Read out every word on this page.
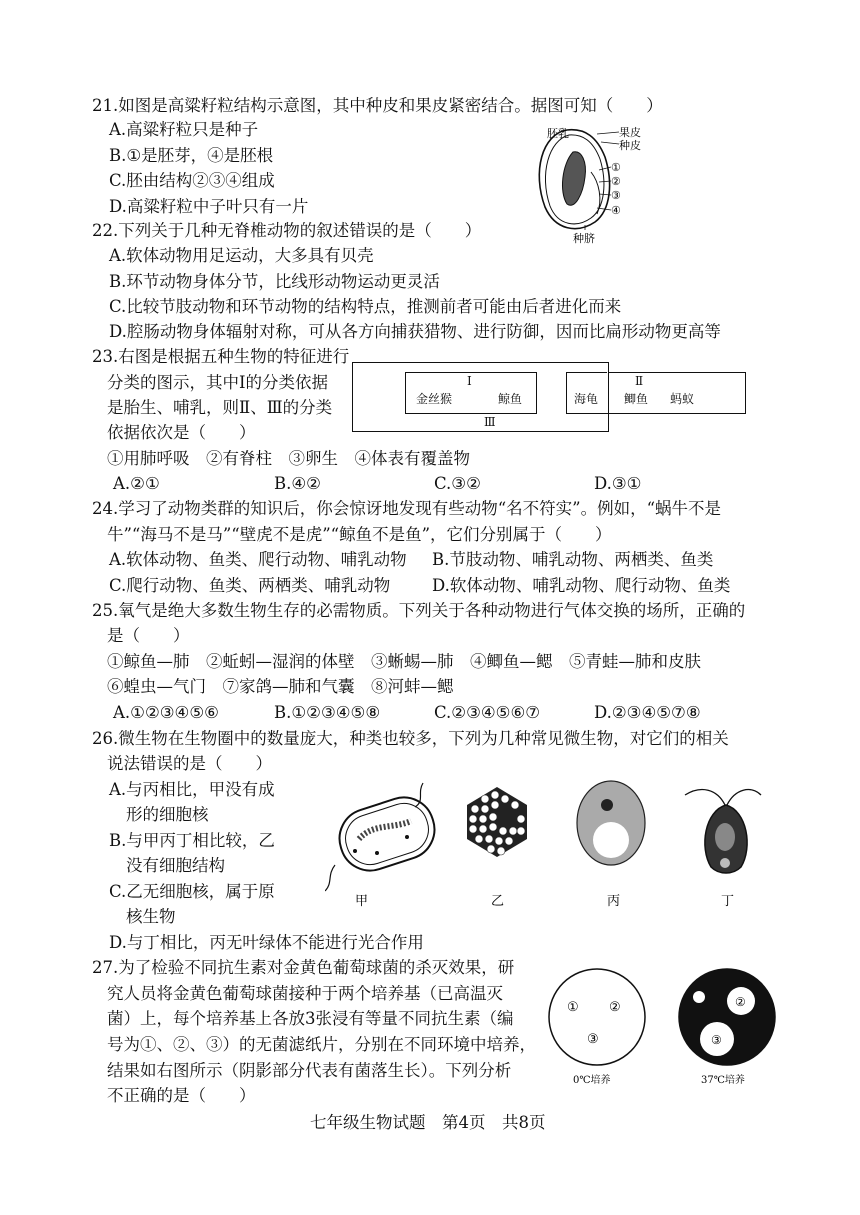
21.如图是高粱籽粒结构示意图，其中种皮和果皮紧密结合。据图可知（　　）
A.高粱籽粒只是种子
B.①是胚芽，④是胚根
C.胚由结构②③④组成
D.高粱籽粒中子叶只有一片
胚乳	果皮
种皮
①
②
③
④
种脐
22.下列关于几种无脊椎动物的叙述错误的是（　　）
A.软体动物用足运动，大多具有贝壳
B.环节动物身体分节，比线形动物运动更灵活
C.比较节肢动物和环节动物的结构特点，推测前者可能由后者进化而来
D.腔肠动物身体辐射对称，可从各方向捕获猎物、进行防御，因而比扁形动物更高等
23.右图是根据五种生物的特征进行
分类的图示，其中Ⅰ的分类依据
是胎生、哺乳，则Ⅱ、Ⅲ的分类
依据依次是（　　）
①用肺呼吸　②有脊柱　③卵生　④体表有覆盖物
A.②①	B.④②	C.③②	D.③①
Ⅰ
金丝猴	鲸鱼	海龟
Ⅱ
鲫鱼 蚂蚁
Ⅲ
24.学习了动物类群的知识后，你会惊讶地发现有些动物“名不符实”。例如，“蜗牛不是
牛”“海马不是马”“壁虎不是虎”“鲸鱼不是鱼”，它们分别属于（　　）
A.软体动物、鱼类、爬行动物、哺乳动物 B.节肢动物、哺乳动物、两栖类、鱼类
C.爬行动物、鱼类、两栖类、哺乳动物	D.软体动物、哺乳动物、爬行动物、鱼类
25.氧气是绝大多数生物生存的必需物质。下列关于各种动物进行气体交换的场所，正确的
是（　　）
①鲸鱼—肺　②蚯蚓—湿润的体壁　③蜥蜴—肺　④鲫鱼—鳃　⑤青蛙—肺和皮肤
⑥蝗虫—气门　⑦家鸽—肺和气囊　⑧河蚌—鳃
A.①②③④⑤⑥	B.①②③④⑤⑧	C.②③④⑤⑥⑦	D.②③④⑤⑦⑧
26.微生物在生物圈中的数量庞大，种类也较多，下列为几种常见微生物，对它们的相关
说法错误的是（　　）
A.与丙相比，甲没有成
形的细胞核
B.与甲丙丁相比较，乙
没有细胞结构
C.乙无细胞核，属于原
核生物
D.与丁相比，丙无叶绿体不能进行光合作用
甲	乙	丙	丁
27.为了检验不同抗生素对金黄色葡萄球菌的杀灭效果，研
究人员将金黄色葡萄球菌接种于两个培养基（已高温灭
菌）上，每个培养基上各放3张浸有等量不同抗生素（编
号为①、②、③）的无菌滤纸片，分别在不同环境中培养，
结果如右图所示（阴影部分代表有菌落生长）。下列分析
不正确的是（　　）
① ②
③
0℃培养
②
③
37℃培养
七年级生物试题　第4页　共8页
